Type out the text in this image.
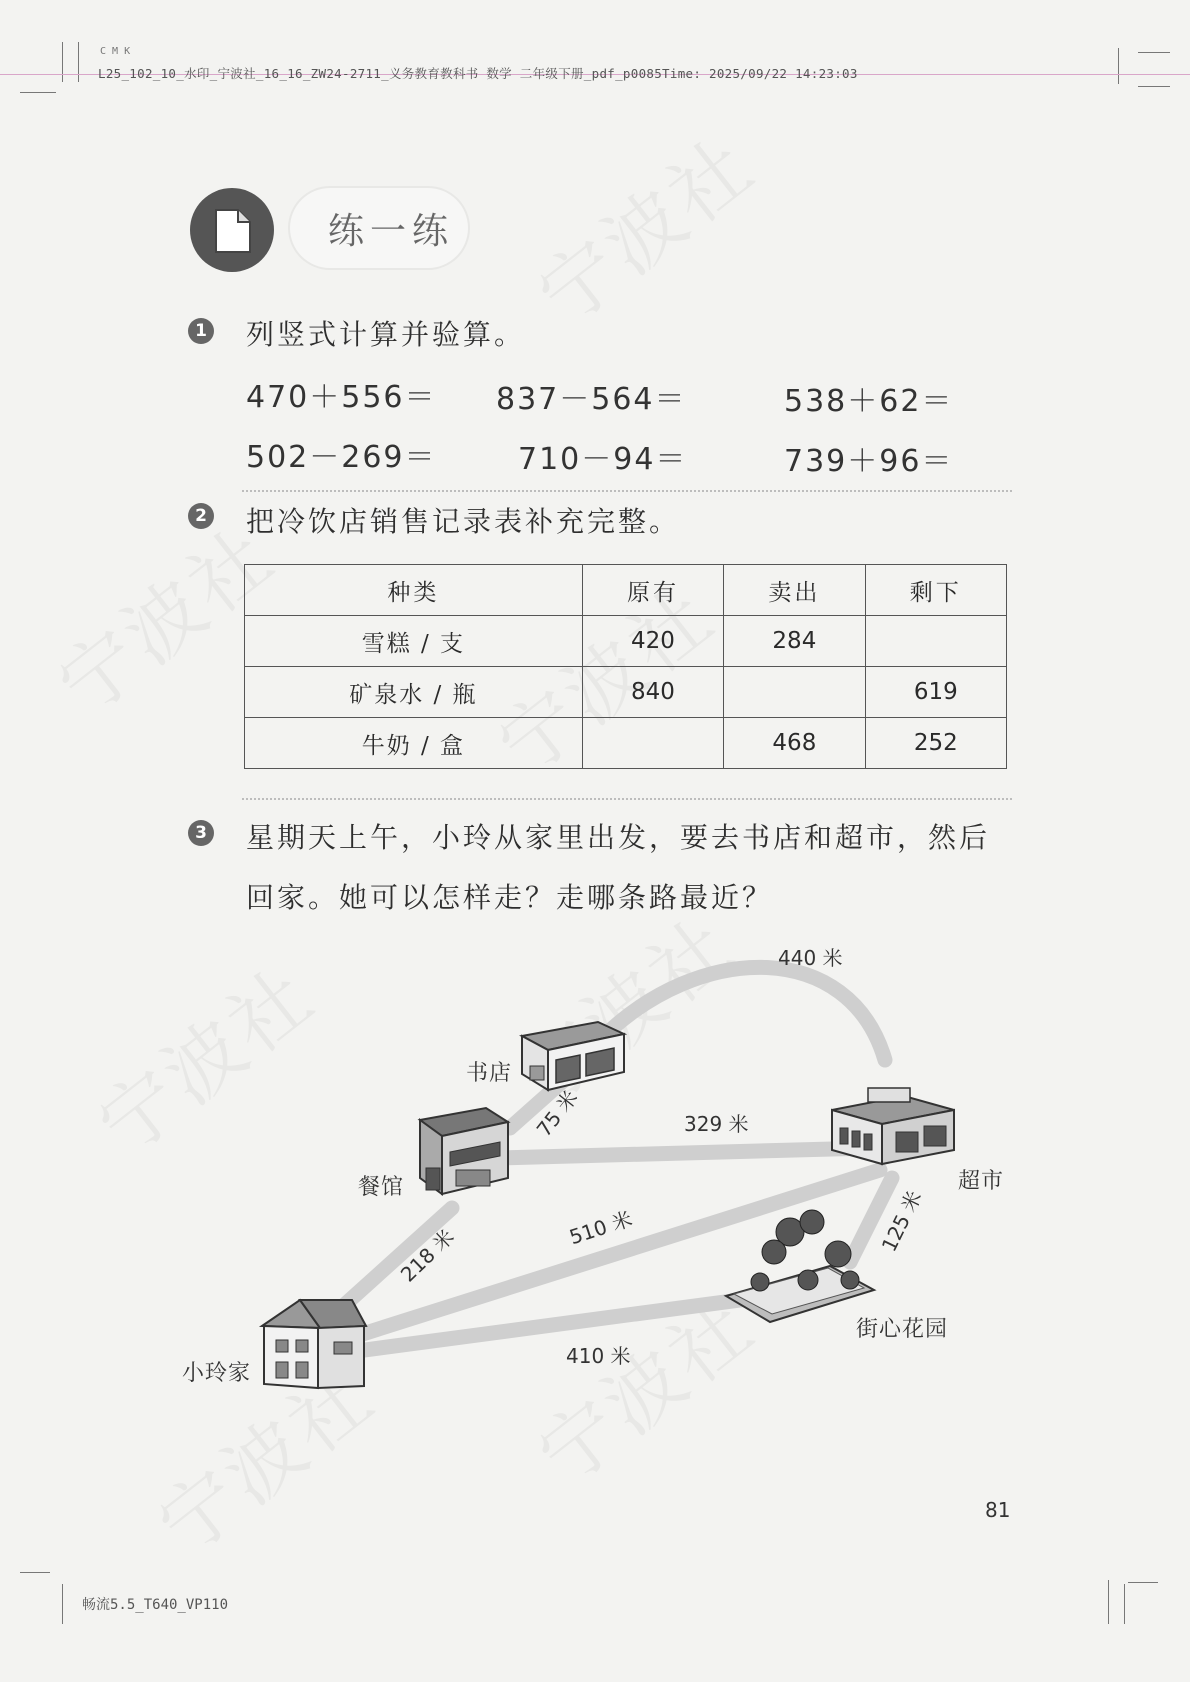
C M K
L25_102_10_水印_宁波社_16_16_ZW24-2711_义务教育教科书 数学 二年级下册_pdf_p0085Time: 2025/09/22 14:23:03
练一练
1 列竖式计算并验算。
470＋556＝ 837－564＝	538＋62＝
502－269＝	710－94＝	739＋96＝
2 把冷饮店销售记录表补充完整。
种类	原有	卖出	剩下
雪糕 / 支	420	284	
矿泉水 / 瓶	840		619
牛奶 / 盒		468	252
3 星期天上午，小玲从家里出发，要去书店和超市，然后
回家。她可以怎样走？走哪条路最近？
书店
餐馆	超市
街心花园
小玲家
440 米
75 米	329 米
510 米
218 米
125 米
410 米
81
畅流5.5_T640_VP110
